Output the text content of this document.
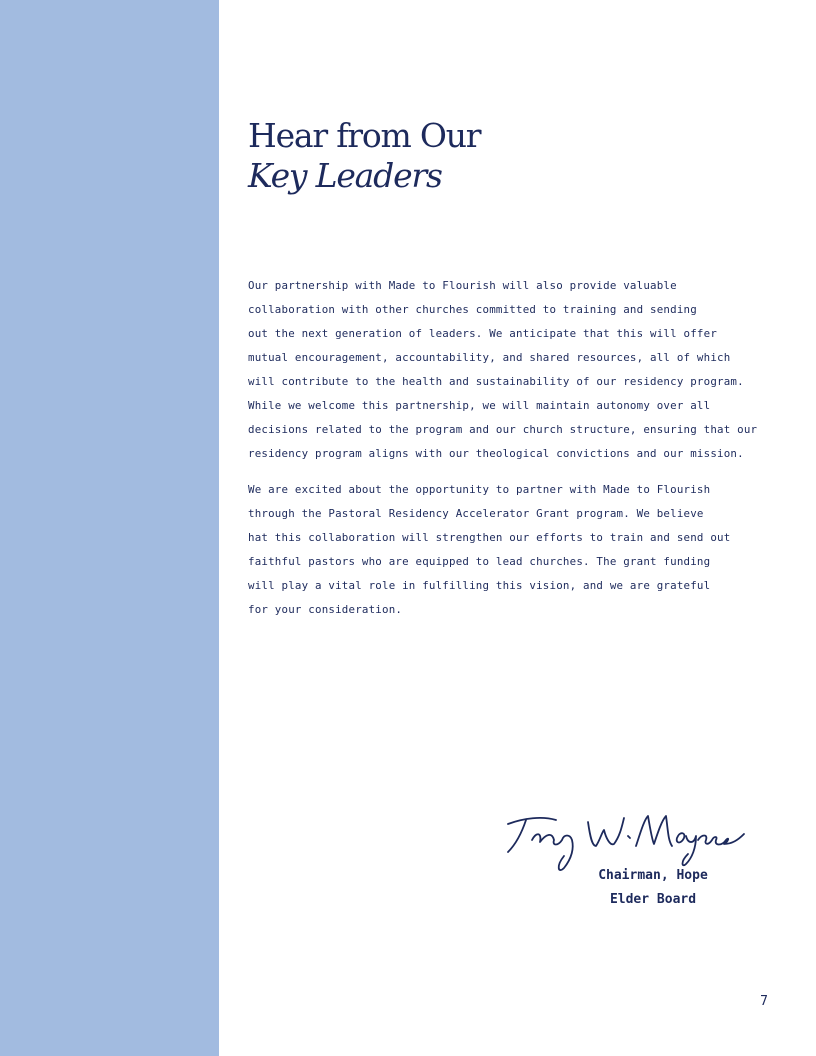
Hear from Our
Key Leaders

Our partnership with Made to Flourish will also provide valuable
collaboration with other churches committed to training and sending
out the next generation of leaders. We anticipate that this will offer
mutual encouragement, accountability, and shared resources, all of which
will contribute to the health and sustainability of our residency program.
While we welcome this partnership, we will maintain autonomy over all
decisions related to the program and our church structure, ensuring that our
residency program aligns with our theological convictions and our mission.

We are excited about the opportunity to partner with Made to Flourish
through the Pastoral Residency Accelerator Grant program. We believe
hat this collaboration will strengthen our efforts to train and send out
faithful pastors who are equipped to lead churches. The grant funding
will play a vital role in fulfilling this vision, and we are grateful
for your consideration.

Chairman, Hope
Elder Board
7
